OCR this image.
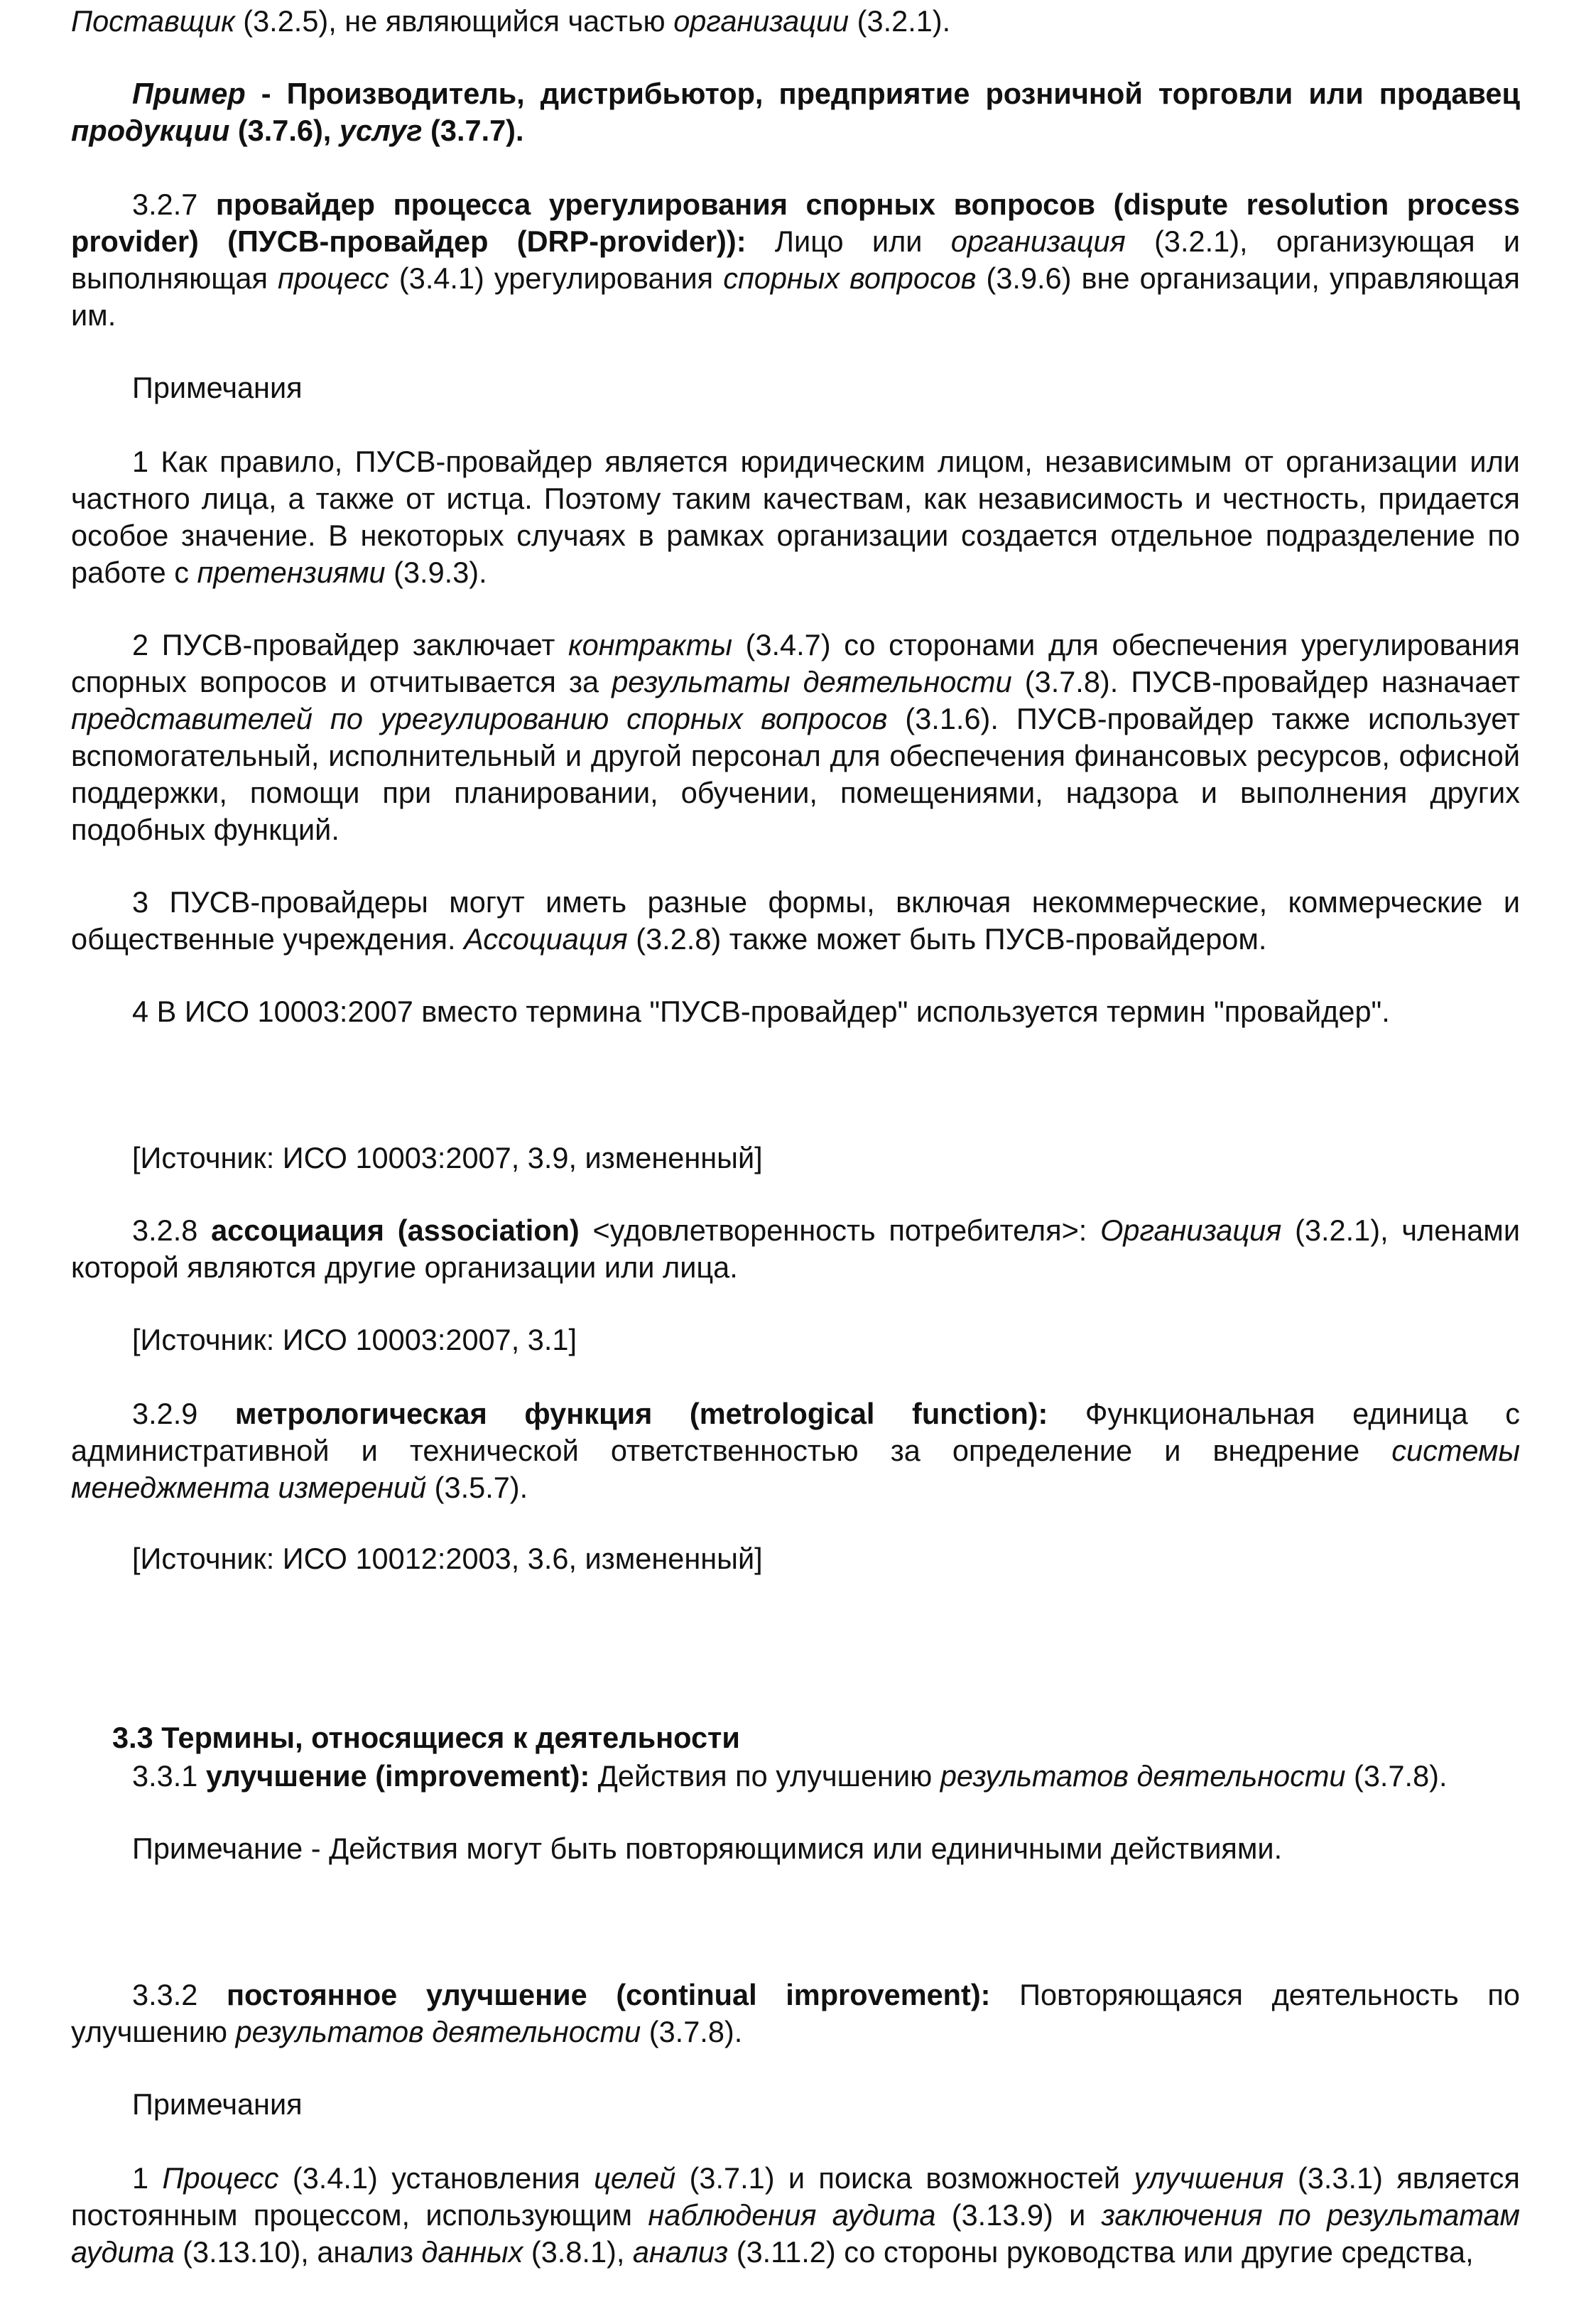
Поставщик (3.2.5), не являющийся частью организации (3.2.1).

Пример - Производитель, дистрибьютор, предприятие розничной торговли или продавец продукции (3.7.6), услуг (3.7.7).

3.2.7 провайдер процесса урегулирования спорных вопросов (dispute resolution process provider) (ПУСВ-провайдер (DRP-provider)): Лицо или организация (3.2.1), организующая и выполняющая процесс (3.4.1) урегулирования спорных вопросов (3.9.6) вне организации, управляющая им.

Примечания

1 Как правило, ПУСВ-провайдер является юридическим лицом, независимым от организации или частного лица, а также от истца. Поэтому таким качествам, как независимость и честность, придается особое значение. В некоторых случаях в рамках организации создается отдельное подразделение по работе с претензиями (3.9.3).

2 ПУСВ-провайдер заключает контракты (3.4.7) со сторонами для обеспечения урегулирования спорных вопросов и отчитывается за результаты деятельности (3.7.8). ПУСВ-провайдер назначает представителей по урегулированию спорных вопросов (3.1.6). ПУСВ-провайдер также использует вспомогательный, исполнительный и другой персонал для обеспечения финансовых ресурсов, офисной поддержки, помощи при планировании, обучении, помещениями, надзора и выполнения других подобных функций.

3 ПУСВ-провайдеры могут иметь разные формы, включая некоммерческие, коммерческие и общественные учреждения. Ассоциация (3.2.8) также может быть ПУСВ-провайдером.

4 В ИСО 10003:2007 вместо термина "ПУСВ-провайдер" используется термин "провайдер".

[Источник: ИСО 10003:2007, 3.9, измененный]

3.2.8 ассоциация (association) <удовлетворенность потребителя>: Организация (3.2.1), членами которой являются другие организации или лица.

[Источник: ИСО 10003:2007, 3.1]

3.2.9 метрологическая функция (metrological function): Функциональная единица с административной и технической ответственностью за определение и внедрение системы менеджмента измерений (3.5.7).

[Источник: ИСО 10012:2003, 3.6, измененный]

3.3 Термины, относящиеся к деятельности

3.3.1 улучшение (improvement): Действия по улучшению результатов деятельности (3.7.8).

Примечание - Действия могут быть повторяющимися или единичными действиями.

3.3.2 постоянное улучшение (continual improvement): Повторяющаяся деятельность по улучшению результатов деятельности (3.7.8).

Примечания

1 Процесс (3.4.1) установления целей (3.7.1) и поиска возможностей улучшения (3.3.1) является постоянным процессом, использующим наблюдения аудита (3.13.9) и заключения по результатам аудита (3.13.10), анализ данных (3.8.1), анализ (3.11.2) со стороны руководства или другие средства,
